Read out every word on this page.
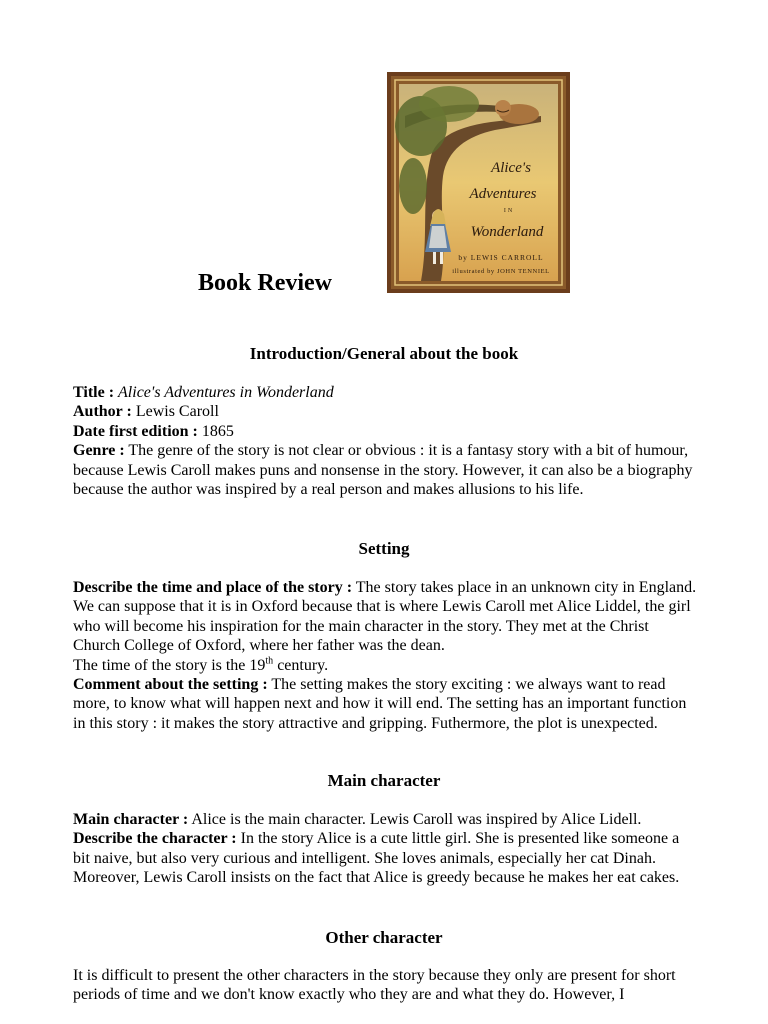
Alice's
Adventures
IN
Wonderland
by LEWIS CARROLL
illustrated by JOHN TENNIEL
Book Review
Introduction/General about the book

Title : Alice's Adventures in Wonderland

Author : Lewis Caroll

Date first edition : 1865

Genre : The genre of the story is not clear or obvious : it is a fantasy story with a bit of humour, because Lewis Caroll makes puns and nonsense in the story. However, it can also be a biography because the author was inspired by a real person and makes allusions to his life.

Setting

Describe the time and place of the story : The story takes place in an unknown city in England. We can suppose that it is in Oxford because that is where Lewis Caroll met Alice Liddel, the girl who will become his inspiration for the main character in the story. They met at the Christ Church College of Oxford, where her father was the dean.

The time of the story is the 19th century.

Comment about the setting : The setting makes the story exciting : we always want to read more, to know what will happen next and how it will end. The setting has an important function in this story : it makes the story attractive and gripping. Futhermore, the plot is unexpected.

Main character

Main character : Alice is the main character. Lewis Caroll was inspired by Alice Lidell.

Describe the character : In the story Alice is a cute little girl. She is presented like someone a bit naive, but also very curious and intelligent. She loves animals, especially her cat Dinah. Moreover, Lewis Caroll insists on the fact that Alice is greedy because he makes her eat cakes.

Other character

It is difficult to present the other characters in the story because they only are present for short periods of time and we don't know exactly who they are and what they do. However, I
